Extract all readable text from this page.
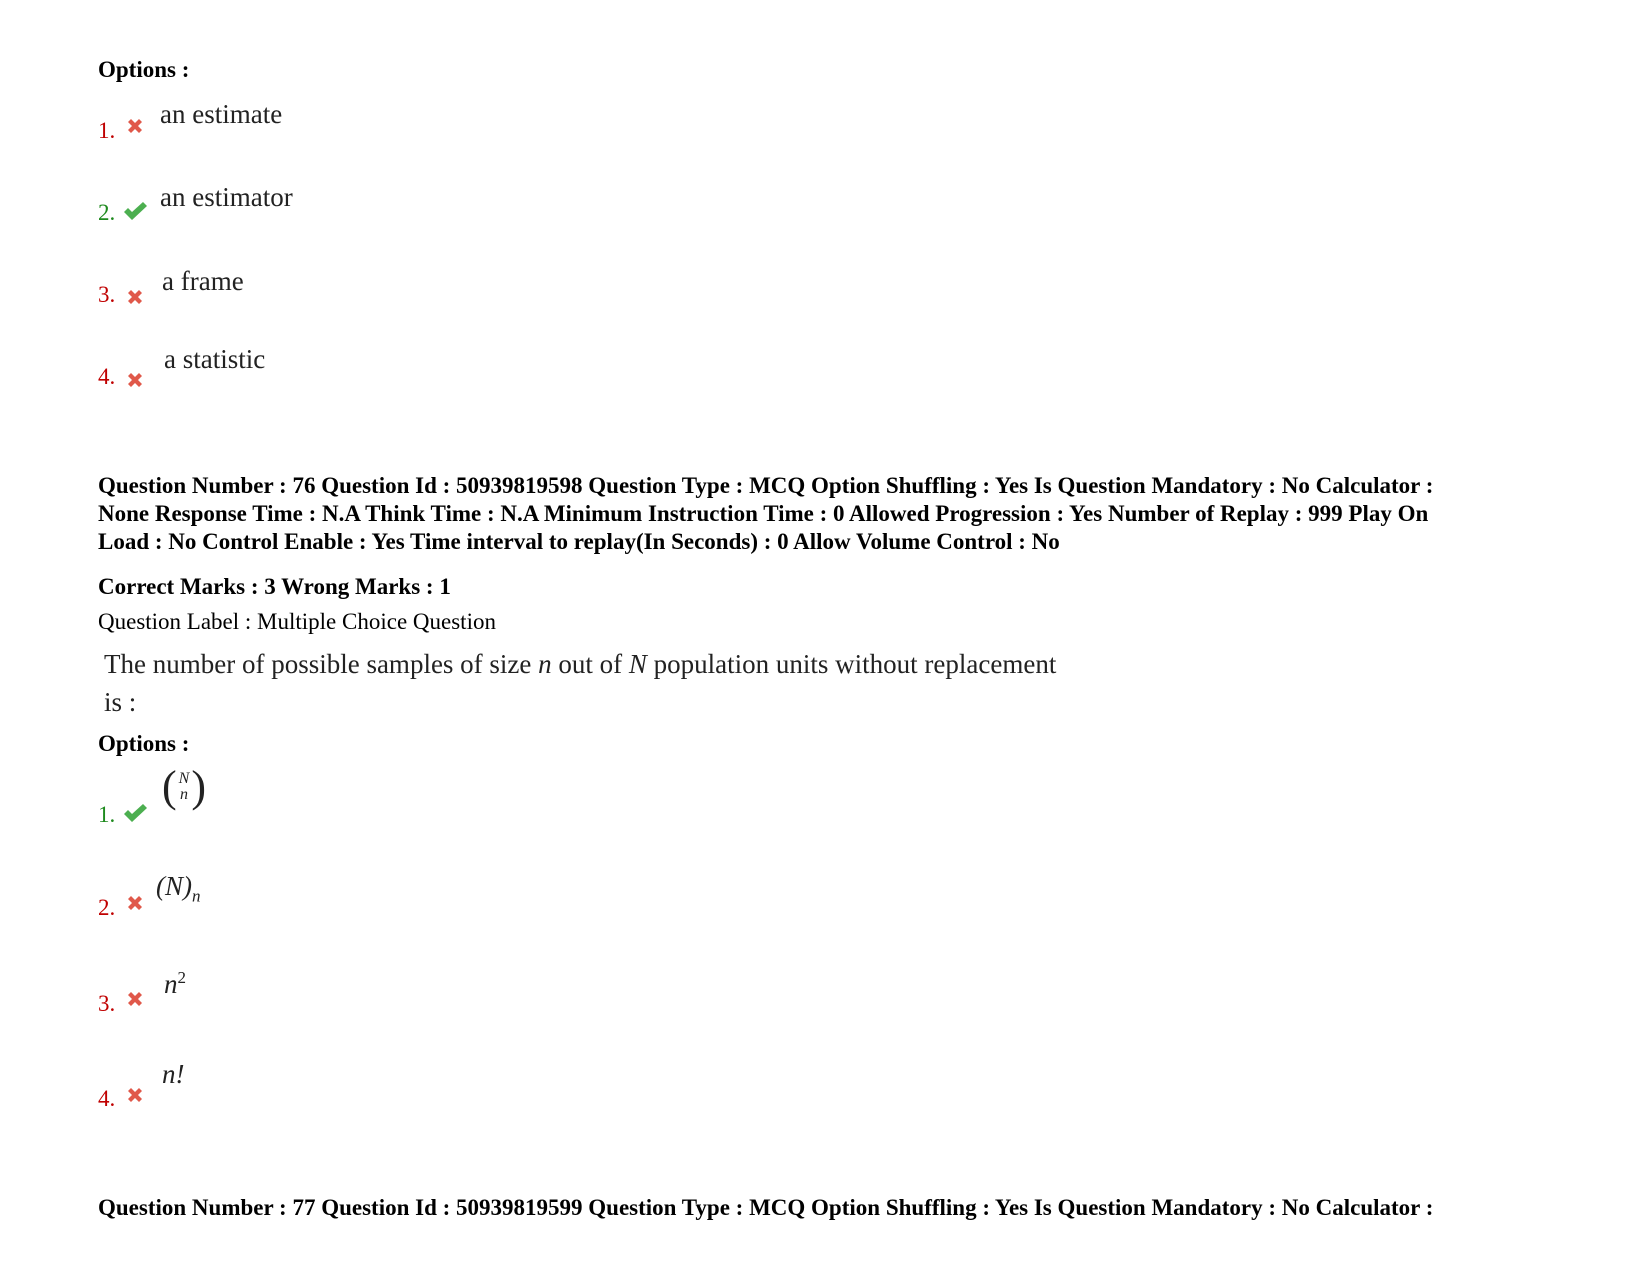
Options :
1.
an estimate
2.
an estimator
3. a frame
4.
a statistic
Question Number : 76 Question Id : 50939819598 Question Type : MCQ Option Shuffling : Yes Is Question Mandatory : No Calculator :
None Response Time : N.A Think Time : N.A Minimum Instruction Time : 0 Allowed Progression : Yes Number of Replay : 999 Play On
Load : No Control Enable : Yes Time interval to replay(In Seconds) : 0 Allow Volume Control : No
Correct Marks : 3 Wrong Marks : 1
Question Label : Multiple Choice Question
The number of possible samples of size n out of N population units without replacement
is :
Options :
1.
( N
n )
2.
$(N)_n$
3.
$n^2$
4.
n!
Question Number : 77 Question Id : 50939819599 Question Type : MCQ Option Shuffling : Yes Is Question Mandatory : No Calculator :
